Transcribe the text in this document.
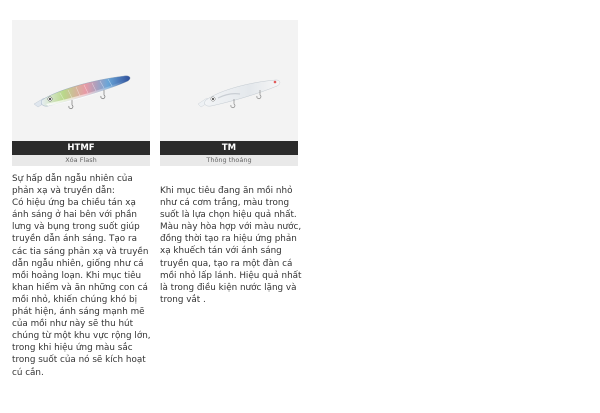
HTMF
Xóa Flash
TM
Thông thoáng

Sự hấp dẫn ngẫu nhiên của phản xạ và truyền dẫn:

Có hiệu ứng ba chiều tán xạ ánh sáng ở hai bên với phần lưng và bụng trong suốt giúp truyền dẫn ánh sáng. Tạo ra các tia sáng phản xạ và truyền dẫn ngẫu nhiên, giống như cá mồi hoảng loạn. Khi mục tiêu khan hiếm và ăn những con cá mồi nhỏ, khiến chúng khó bị phát hiện, ánh sáng mạnh mẽ của mồi như này sẽ thu hút chúng từ một khu vực rộng lớn, trong khi hiệu ứng màu sắc trong suốt của nó sẽ kích hoạt cú cắn.

Khi mục tiêu đang ăn mồi nhỏ như cá cơm trắng, màu trong suốt là lựa chọn hiệu quả nhất. Màu này hòa hợp với màu nước, đồng thời tạo ra hiệu ứng phản xạ khuếch tán với ánh sáng truyền qua, tạo ra một đàn cá mồi nhỏ lấp lánh. Hiệu quả nhất là trong điều kiện nước lặng và trong vắt .
